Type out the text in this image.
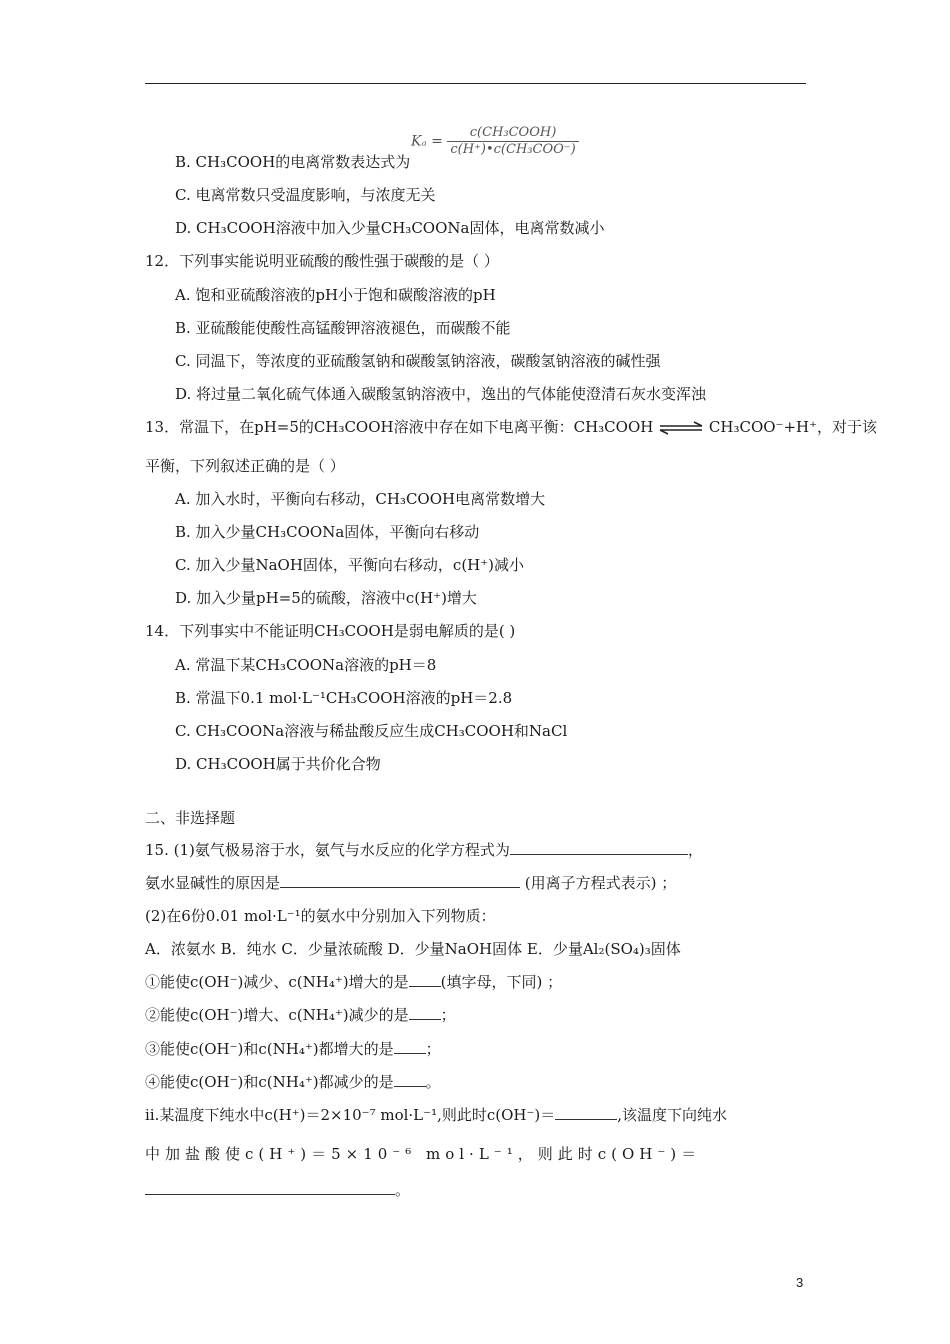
$K_a = \frac{\text{c(CH₃COOH)}}{\text{c(H⁺)•c(CH₃COO⁻)}}$
B. CH₃COOH的电离常数表达式为
C. 电离常数只受温度影响，与浓度无关
D. CH₃COOH溶液中加入少量CH₃COONa固体，电离常数减小
12．下列事实能说明亚硫酸的酸性强于碳酸的是（ ）
A. 饱和亚硫酸溶液的pH小于饱和碳酸溶液的pH
B. 亚硫酸能使酸性高锰酸钾溶液褪色，而碳酸不能
C. 同温下，等浓度的亚硫酸氢钠和碳酸氢钠溶液，碳酸氢钠溶液的碱性强
D. 将过量二氧化硫气体通入碳酸氢钠溶液中，逸出的气体能使澄清石灰水变浑浊
13．常温下，在pH=5的CH₃COOH溶液中存在如下电离平衡：CH₃COOH ⇌ CH₃COO⁻+H⁺，对于该
平衡，下列叙述正确的是（ ）
A. 加入水时，平衡向右移动，CH₃COOH电离常数增大
B. 加入少量CH₃COONa固体，平衡向右移动
C. 加入少量NaOH固体，平衡向右移动，c(H⁺)减小
D. 加入少量pH=5的硫酸，溶液中c(H⁺)增大
14．下列事实中不能证明CH₃COOH是弱电解质的是( )
A. 常温下某CH₃COONa溶液的pH＝8
B. 常温下0.1 mol·L⁻¹CH₃COOH溶液的pH＝2.8
C. CH₃COONa溶液与稀盐酸反应生成CH₃COOH和NaCl
D. CH₃COOH属于共价化合物
二、非选择题
15. (1)氨气极易溶于水，氨气与水反应的化学方程式为	，
氨水显碱性的原因是	(用离子方程式表示) ；
(2)在6份0.01 mol·L⁻¹的氨水中分别加入下列物质：
A．浓氨水 B．纯水 C．少量浓硫酸 D．少量NaOH固体 E．少量Al₂(SO₄)₃固体
①能使c(OH⁻)减少、c(NH₄⁺)增大的是 (填字母，下同) ；
②能使c(OH⁻)增大、c(NH₄⁺)减少的是 ；
③能使c(OH⁻)和c(NH₄⁺)都增大的是 ；
④能使c(OH⁻)和c(NH₄⁺)都减少的是 。
ⅱ.某温度下纯水中c(H⁺)＝2×10⁻⁷ mol·L⁻¹,则此时c(OH⁻)＝	,该温度下向纯水
中加盐酸使c(H⁺)＝5×10⁻⁶ mol·L⁻¹，则此时c(OH⁻)＝
。
3
